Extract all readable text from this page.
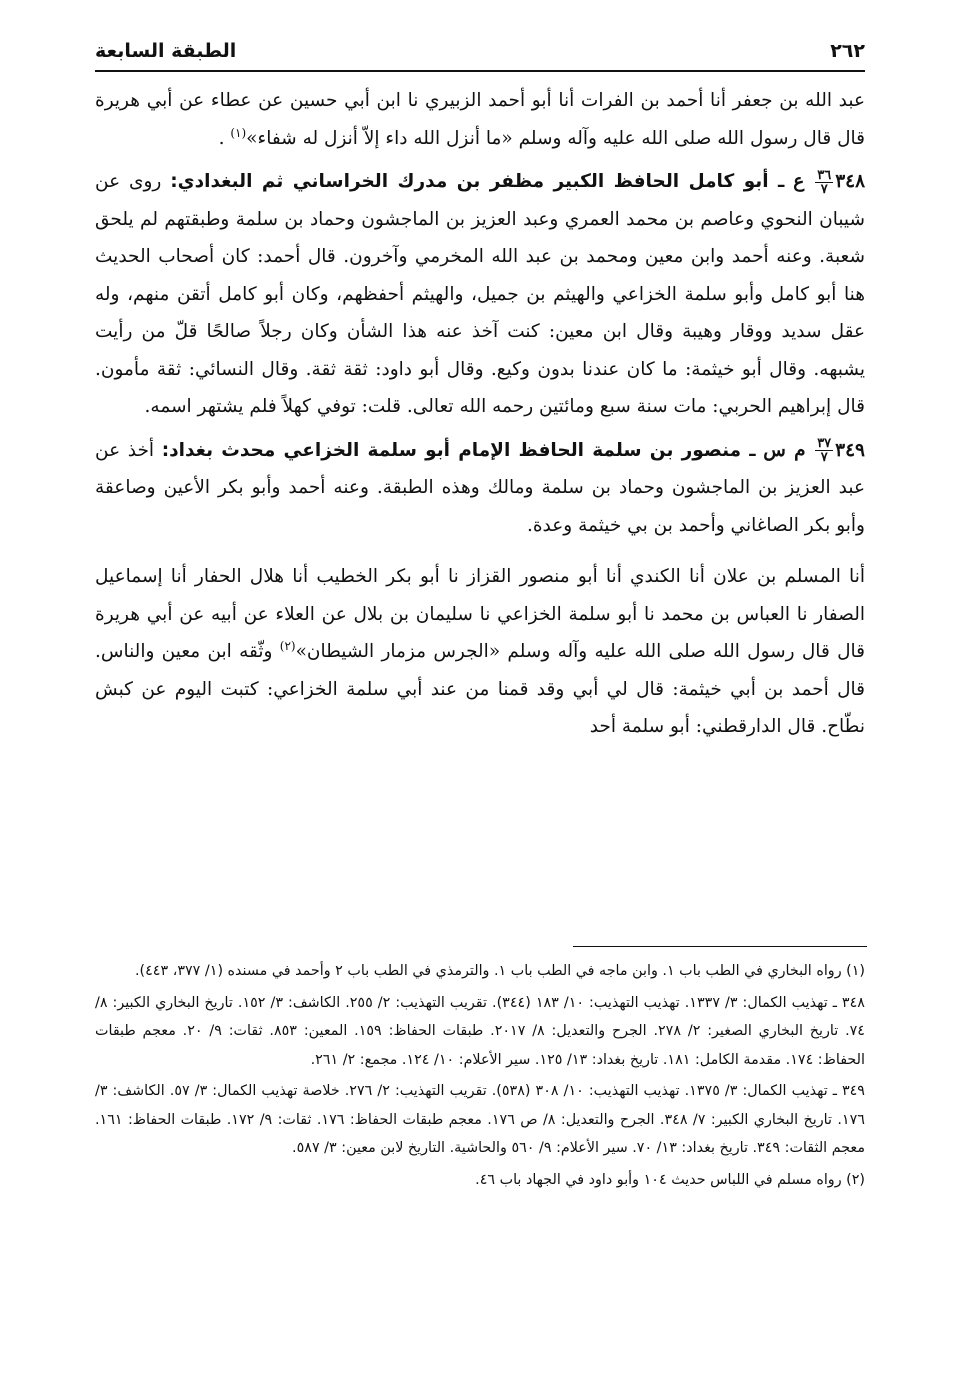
٢٦٢
الطبقة السابعة

عبد الله بن جعفر أنا أحمد بن الفرات أنا أبو أحمد الزبيري نا ابن أبي حسين عن عطاء عن أبي هريرة قال قال رسول الله صلى الله عليه وآله وسلم «ما أنزل الله داء إلاّ أنزل له شفاء»$^{(١)}$ .

٣٤٨
$\frac{٣٦}{٧}$
ع ـ أبو كامل الحافظ الكبير مظفر بن مدرك الخراساني ثم البغدادي: روى عن شيبان النحوي وعاصم بن محمد العمري وعبد العزيز بن الماجشون وحماد بن سلمة وطبقتهم لم يلحق شعبة. وعنه أحمد وابن معين ومحمد بن عبد الله المخرمي وآخرون. قال أحمد: كان أصحاب الحديث هنا أبو كامل وأبو سلمة الخزاعي والهيثم بن جميل، والهيثم أحفظهم، وكان أبو كامل أتقن منهم، وله عقل سديد ووقار وهيبة وقال ابن معين: كنت آخذ عنه هذا الشأن وكان رجلاً صالحًا قلّ من رأيت يشبهه. وقال أبو خيثمة: ما كان عندنا بدون وكيع. وقال أبو داود: ثقة ثقة. وقال النسائي: ثقة مأمون. قال إبراهيم الحربي: مات سنة سبع ومائتين رحمه الله تعالى. قلت: توفي كهلاً فلم يشتهر اسمه.

٣٤٩
$\frac{٣٧}{٧}$
م س ـ منصور بن سلمة الحافظ الإمام أبو سلمة الخزاعي محدث بغداد: أخذ عن عبد العزيز بن الماجشون وحماد بن سلمة ومالك وهذه الطبقة. وعنه أحمد وأبو بكر الأعين وصاعقة وأبو بكر الصاغاني وأحمد بن بي خيثمة وعدة.

أنا المسلم بن علان أنا الكندي أنا أبو منصور القزاز نا أبو بكر الخطيب أنا هلال الحفار أنا إسماعيل الصفار نا العباس بن محمد نا أبو سلمة الخزاعي نا سليمان بن بلال عن العلاء عن أبيه عن أبي هريرة قال قال رسول الله صلى الله عليه وآله وسلم «الجرس مزمار الشيطان»$^{(٢)}$ وثّقه ابن معين والناس. قال أحمد بن أبي خيثمة: قال لي أبي وقد قمنا من عند أبي سلمة الخزاعي: كتبت اليوم عن كبش نطّاح. قال الدارقطني: أبو سلمة أحد

(١) رواه البخاري في الطب باب ١. وابن ماجه في الطب باب ١. والترمذي في الطب باب ٢ وأحمد في مسنده (١/ ٣٧٧، ٤٤٣).

٣٤٨ ـ تهذيب الكمال: ٣/ ١٣٣٧. تهذيب التهذيب: ١٠/ ١٨٣ (٣٤٤). تقريب التهذيب: ٢/ ٢٥٥. الكاشف: ٣/ ١٥٢. تاريخ البخاري الكبير: ٨/ ٧٤. تاريخ البخاري الصغير: ٢/ ٢٧٨. الجرح والتعديل: ٨/ ٢٠١٧. طبقات الحفاظ: ١٥٩. المعين: ٨٥٣. ثقات: ٩/ ٢٠. معجم طبقات الحفاظ: ١٧٤. مقدمة الكامل: ١٨١. تاريخ بغداد: ١٣/ ١٢٥. سير الأعلام: ١٠/ ١٢٤. مجمع: ٢/ ٢٦١.

٣٤٩ ـ تهذيب الكمال: ٣/ ١٣٧٥. تهذيب التهذيب: ١٠/ ٣٠٨ (٥٣٨). تقريب التهذيب: ٢/ ٢٧٦. خلاصة تهذيب الكمال: ٣/ ٥٧. الكاشف: ٣/ ١٧٦. تاريخ البخاري الكبير: ٧/ ٣٤٨. الجرح والتعديل: ٨/ ص ١٧٦. معجم طبقات الحفاظ: ١٧٦. ثقات: ٩/ ١٧٢. طبقات الحفاظ: ١٦١. معجم الثقات: ٣٤٩. تاريخ بغداد: ١٣/ ٧٠. سير الأعلام: ٩/ ٥٦٠ والحاشية. التاريخ لابن معين: ٣/ ٥٨٧.

(٢) رواه مسلم في اللباس حديث ١٠٤ وأبو داود في الجهاد باب ٤٦.
